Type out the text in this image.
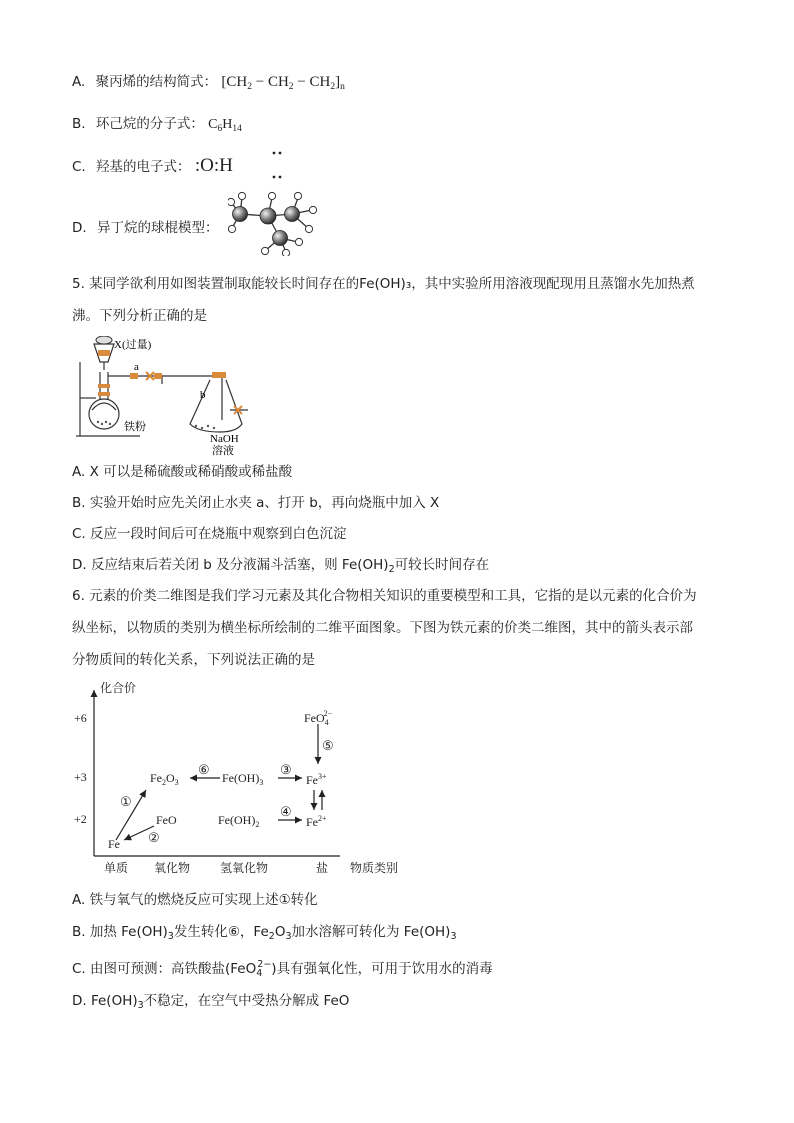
A. 聚丙烯的结构简式： $[CH_2 - CH_2 - CH_2]_n$
B. 环己烷的分子式： $C_6H_{14}$
C. 羟基的电子式： :O:H
D. 异丁烷的球棍模型：
5. 某同学欲利用如图装置制取能较长时间存在的Fe(OH)₃，其中实验所用溶液现配现用且蒸馏水先加热煮
沸。下列分析正确的是
X(过量)
a
b
铁粉
NaOH
溶液
A. X 可以是稀硫酸或稀硝酸或稀盐酸
B. 实验开始时应先关闭止水夹 a、打开 b，再向烧瓶中加入 X
C. 反应一段时间后可在烧瓶中观察到白色沉淀
D. 反应结束后若关闭 b 及分液漏斗活塞，则 $Fe(OH)_2$可较长时间存在
6. 元素的价类二维图是我们学习元素及其化合物相关知识的重要模型和工具，它指的是以元素的化合价为
纵坐标，以物质的类别为横坐标所绘制的二维平面图象。下图为铁元素的价类二维图，其中的箭头表示部
分物质间的转化关系，下列说法正确的是
化合价
+6
+3
+2
单质 氧化物 氢氧化物	盐 物质类别
Fe
FeO
$Fe_2O_3$	$Fe(OH)_3$
$Fe(OH)_2$
$Fe^{3+}$
$Fe^{2+}$
FeO$_4$2−
①
②
③
④
⑤
⑥
A. 铁与氧气的燃烧反应可实现上述①转化
B. 加热 $Fe(OH)_3$发生转化⑥，$Fe_2O_3$加水溶解可转化为 $Fe(OH)_3$
C. 由图可预测：高铁酸盐(FeO$_4^{2-}$)具有强氧化性，可用于饮用水的消毒
D. $Fe(OH)_3$不稳定，在空气中受热分解成 FeO
